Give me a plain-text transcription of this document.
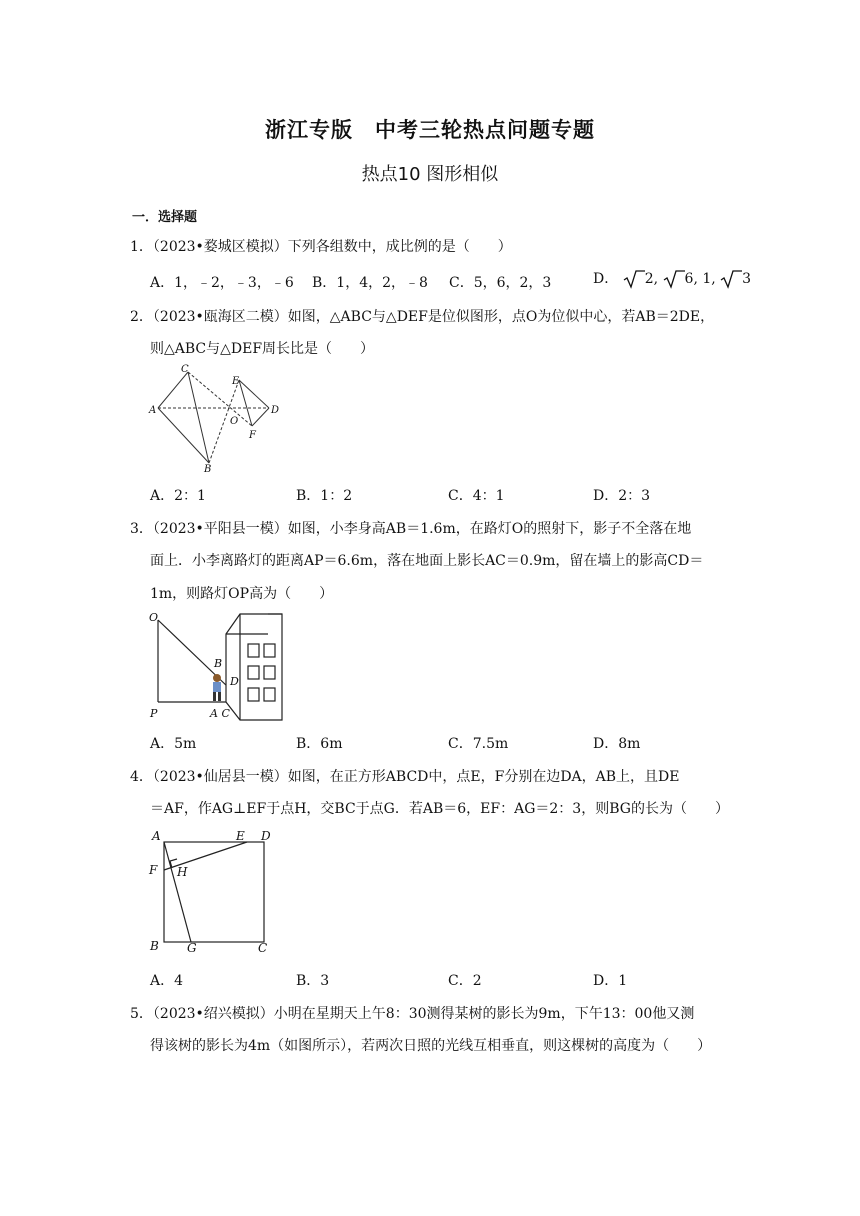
浙江专版　中考三轮热点问题专题
热点10 图形相似
一．选择题
1．（2023•婺城区模拟）下列各组数中，成比例的是（　　）
A．1，﹣2，﹣3，﹣6 B．1，4，2，﹣8 C．5，6，2，3	D． 2, 6, 1, 3
2．（2023•瓯海区二模）如图，△ABC与△DEF是位似图形，点O为位似中心，若AB＝2DE，
则△ABC与△DEF周长比是（　　）
C
A
B
E
D
F
O
A．2：1	B．1：2	C．4：1	D．2：3
3．（2023•平阳县一模）如图，小李身高AB＝1.6m，在路灯O的照射下，影子不全落在地
面上．小李离路灯的距离AP＝6.6m，落在地面上影长AC＝0.9m，留在墙上的影高CD＝
1m，则路灯OP高为（　　）
O
B
D
P	A C
A．5m	B．6m	C．7.5m	D．8m
4．（2023•仙居县一模）如图，在正方形ABCD中，点E，F分别在边DA，AB上，且DE
＝AF，作AG⊥EF于点H，交BC于点G．若AB＝6，EF：AG＝2：3，则BG的长为（　　）
A	E D
F H
B G	C
A．4	B．3	C．2	D．1
5．（2023•绍兴模拟）小明在星期天上午8：30测得某树的影长为9m，下午13：00他又测
得该树的影长为4m（如图所示），若两次日照的光线互相垂直，则这棵树的高度为（　　）
